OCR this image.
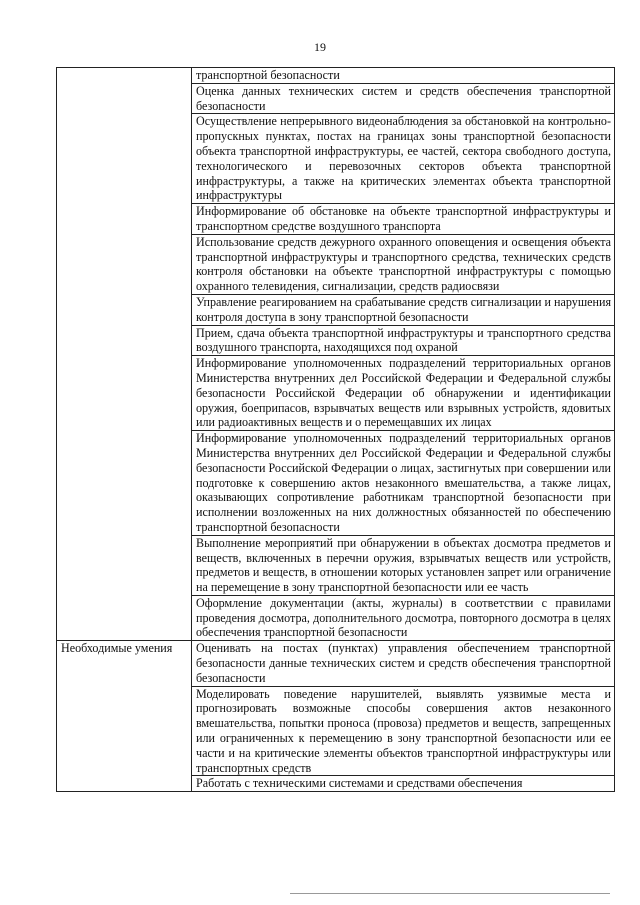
19
	транспортной безопасности
	Оценка данных технических систем и средств обеспечения транспортной безопасности
	Осуществление непрерывного видеонаблюдения за обстановкой на контрольно-пропускных пунктах, постах на границах зоны транспортной безопасности объекта транспортной инфраструктуры, ее частей, сектора свободного доступа, технологического и перевозочных секторов объекта транспортной инфраструктуры, а также на критических элементах объекта транспортной инфраструктуры
	Информирование об обстановке на объекте транспортной инфраструктуры и транспортном средстве воздушного транспорта
	Использование средств дежурного охранного оповещения и освещения объекта транспортной инфраструктуры и транспортного средства, технических средств контроля обстановки на объекте транспортной инфраструктуры с помощью охранного телевидения, сигнализации, средств радиосвязи
	Управление реагированием на срабатывание средств сигнализации и нарушения контроля доступа в зону транспортной безопасности
	Прием, сдача объекта транспортной инфраструктуры и транспортного средства воздушного транспорта, находящихся под охраной
	Информирование уполномоченных подразделений территориальных органов Министерства внутренних дел Российской Федерации и Федеральной службы безопасности Российской Федерации об обнаружении и идентификации оружия, боеприпасов, взрывчатых веществ или взрывных устройств, ядовитых или радиоактивных веществ и о перемещавших их лицах
	Информирование уполномоченных подразделений территориальных органов Министерства внутренних дел Российской Федерации и Федеральной службы безопасности Российской Федерации о лицах, застигнутых при совершении или подготовке к совершению актов незаконного вмешательства, а также лицах, оказывающих сопротивление работникам транспортной безопасности при исполнении возложенных на них должностных обязанностей по обеспечению транспортной безопасности
	Выполнение мероприятий при обнаружении в объектах досмотра предметов и веществ, включенных в перечни оружия, взрывчатых веществ или устройств, предметов и веществ, в отношении которых установлен запрет или ограничение на перемещение в зону транспортной безопасности или ее часть
	Оформление документации (акты, журналы) в соответствии с правилами проведения досмотра, дополнительного досмотра, повторного досмотра в целях обеспечения транспортной безопасности
Необходимые умения	Оценивать на постах (пунктах) управления обеспечением транспортной безопасности данные технических систем и средств обеспечения транспортной безопасности
	Моделировать поведение нарушителей, выявлять уязвимые места и прогнозировать возможные способы совершения актов незаконного вмешательства, попытки проноса (провоза) предметов и веществ, запрещенных или ограниченных к перемещению в зону транспортной безопасности или ее части и на критические элементы объектов транспортной инфраструктуры или транспортных средств
	Работать с техническими системами и средствами обеспечения
